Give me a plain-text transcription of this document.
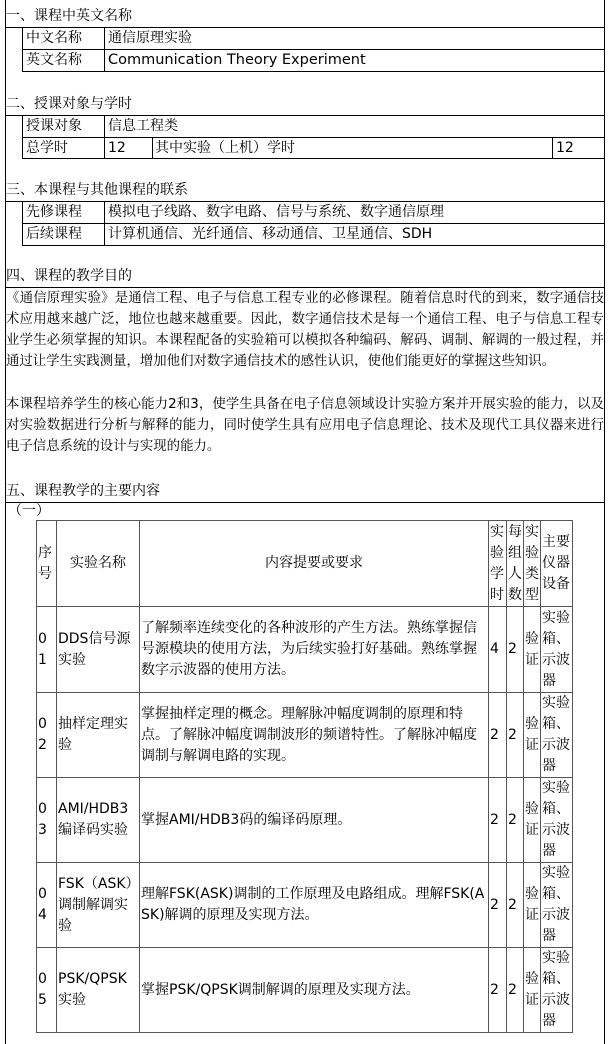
一、课程中英文名称
中文名称 通信原理实验
英文名称 Communication Theory Experiment
二、授课对象与学时
授课对象 信息工程类
总学时	12 其中实验（上机）学时	12
三、本课程与其他课程的联系
先修课程 模拟电子线路、数字电路、信号与系统、数字通信原理
后续课程 计算机通信、光纤通信、移动通信、卫星通信、SDH
四、课程的教学目的
《通信原理实验》是通信工程、电子与信息工程专业的必修课程。随着信息时代的到来，数字通信技术应用越来越广泛，地位也越来越重要。因此，数字通信技术是每一个通信工程、电子与信息工程专业学生必须掌握的知识。本课程配备的实验箱可以模拟各种编码、解码、调制、解调的一般过程，并通过让学生实践测量，增加他们对数字通信技术的感性认识，使他们能更好的掌握这些知识。
本课程培养学生的核心能力2和3，使学生具备在电子信息领域设计实验方案并开展实验的能力，以及对实验数据进行分析与解释的能力，同时使学生具有应用电子信息理论、技术及现代工具仪器来进行电子信息系统的设计与实现的能力。
五、课程教学的主要内容
（一）
序号	实验名称	内容提要或要求	实验学时	每组人数	实验类型	主要仪器设备
01	DDS信号源实验	了解频率连续变化的各种波形的产生方法。熟练掌握信号源模块的使用方法，为后续实验打好基础。熟练掌握数字示波器的使用方法。	4	2	验证	实验箱、示波器
02	抽样定理实验	掌握抽样定理的概念。理解脉冲幅度调制的原理和特点。了解脉冲幅度调制波形的频谱特性。了解脉冲幅度调制与解调电路的实现。	2	2	验证	实验箱、示波器
03	AMI/HDB3编译码实验	掌握AMI/HDB3码的编译码原理。	2	2	验证	实验箱、示波器
04	FSK（ASK）调制解调实验	理解FSK(ASK)调制的工作原理及电路组成。理解FSK(ASK)解调的原理及实现方法。	2	2	验证	实验箱、示波器
05	PSK/QPSK实验	掌握PSK/QPSK调制解调的原理及实现方法。	2	2	验证	实验箱、示波器
